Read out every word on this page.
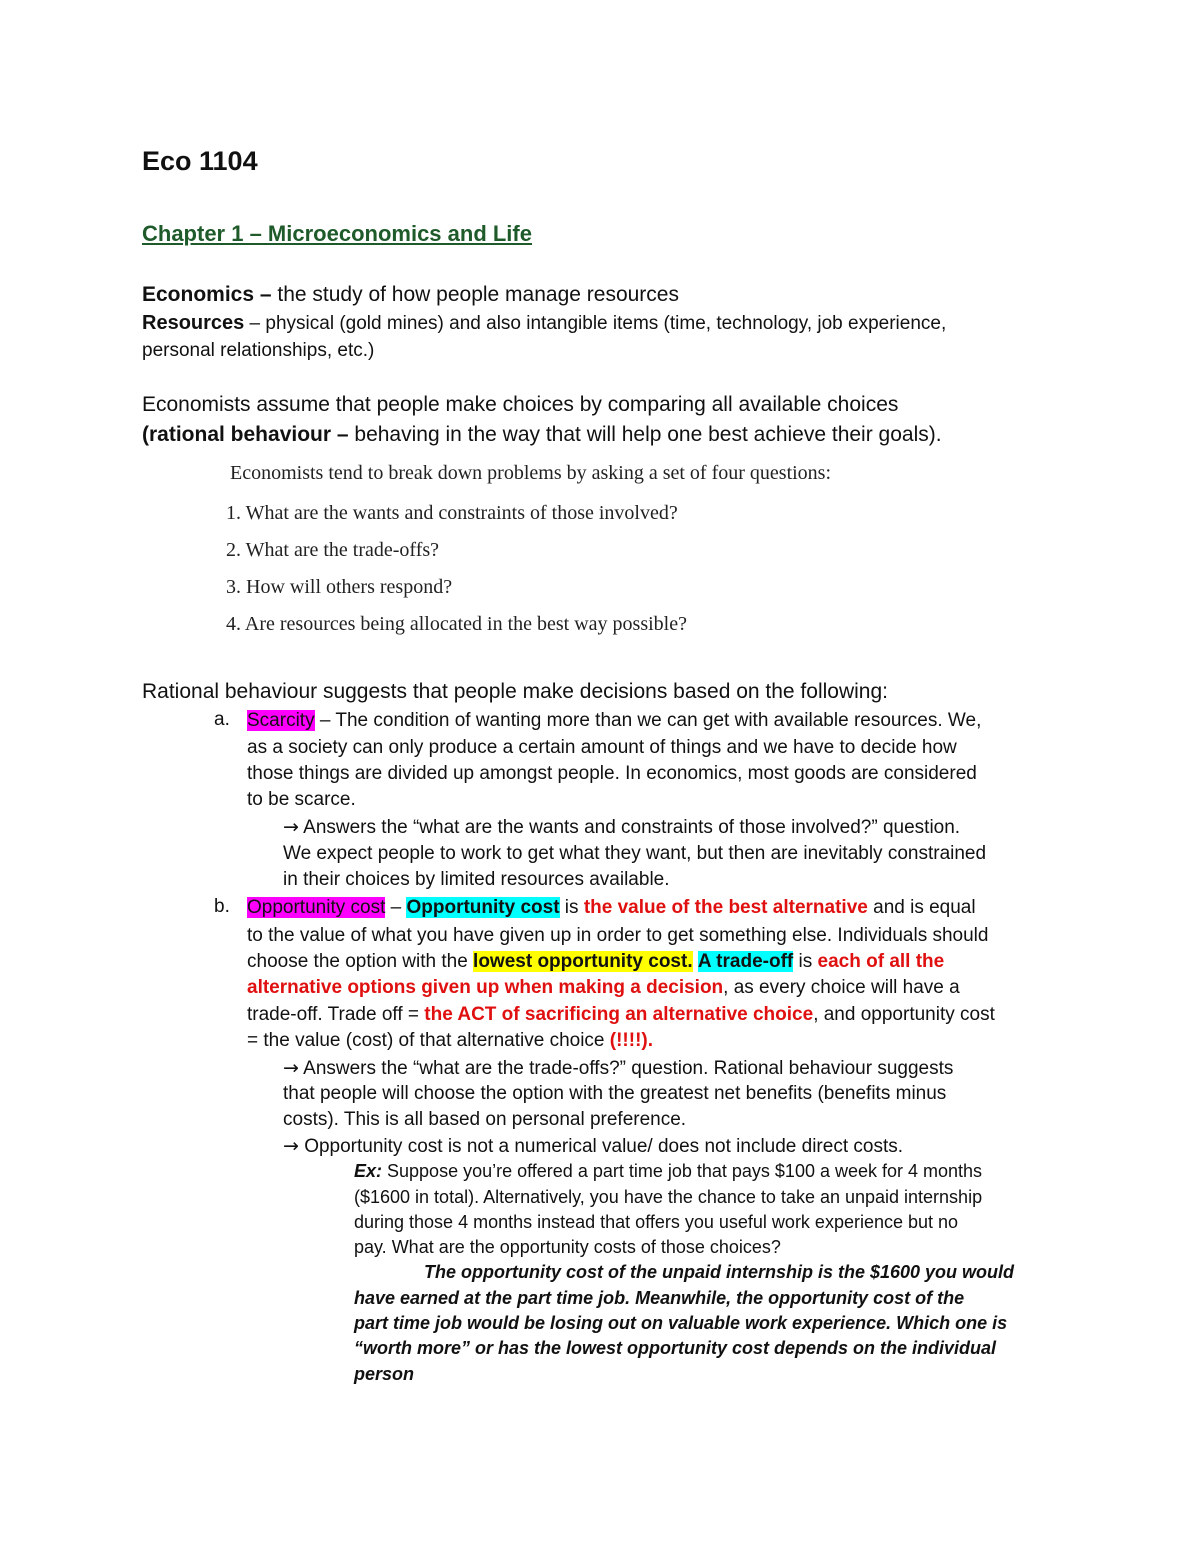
Eco 1104
Chapter 1 – Microeconomics and Life
Economics – the study of how people manage resources
Resources – physical (gold mines) and also intangible items (time, technology, job experience,
personal relationships, etc.)
Economists assume that people make choices by comparing all available choices
(rational behaviour – behaving in the way that will help one best achieve their goals).
Economists tend to break down problems by asking a set of four questions:
1. What are the wants and constraints of those involved?
2. What are the trade-offs?
3. How will others respond?
4. Are resources being allocated in the best way possible?
Rational behaviour suggests that people make decisions based on the following:
a. Scarcity – The condition of wanting more than we can get with available resources. We,
as a society can only produce a certain amount of things and we have to decide how
those things are divided up amongst people. In economics, most goods are considered
to be scarce.
→ Answers the “what are the wants and constraints of those involved?” question.
We expect people to work to get what they want, but then are inevitably constrained
in their choices by limited resources available.
b. Opportunity cost – Opportunity cost is the value of the best alternative and is equal
to the value of what you have given up in order to get something else. Individuals should
choose the option with the lowest opportunity cost. A trade-off is each of all the
alternative options given up when making a decision, as every choice will have a
trade-off. Trade off = the ACT of sacrificing an alternative choice, and opportunity cost
= the value (cost) of that alternative choice (!!!!).
→ Answers the “what are the trade-offs?” question. Rational behaviour suggests
that people will choose the option with the greatest net benefits (benefits minus
costs). This is all based on personal preference.
→ Opportunity cost is not a numerical value/ does not include direct costs.
Ex: Suppose you’re offered a part time job that pays $100 a week for 4 months
($1600 in total). Alternatively, you have the chance to take an unpaid internship
during those 4 months instead that offers you useful work experience but no
pay. What are the opportunity costs of those choices?
The opportunity cost of the unpaid internship is the $1600 you would
have earned at the part time job. Meanwhile, the opportunity cost of the
part time job would be losing out on valuable work experience. Which one is
“worth more” or has the lowest opportunity cost depends on the individual
person
